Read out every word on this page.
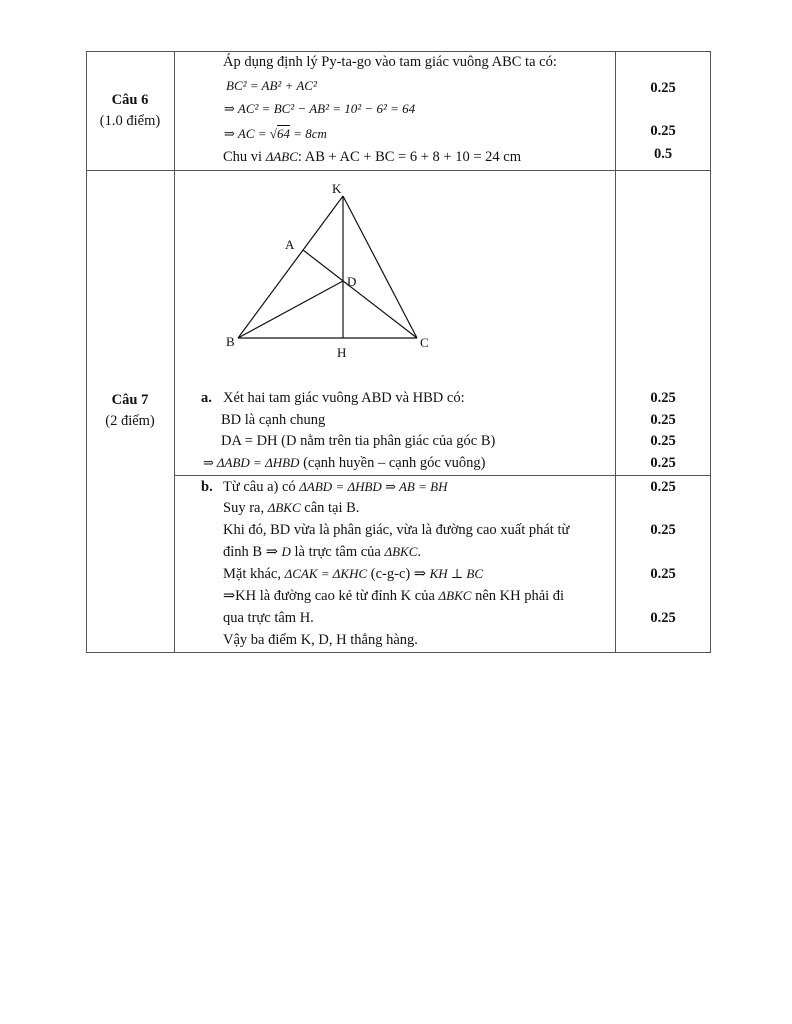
Câu 6
(1.0 điểm)
Áp dụng định lý Py-ta-go vào tam giác vuông ABC ta có:
BC² = AB² + AC²
⇒ AC² = BC² − AB² = 10² − 6² = 64
⇒ AC = √64 = 8cm
Chu vi ΔABC: AB + AC + BC = 6 + 8 + 10 = 24 cm
0.25
0.25
0.5
Câu 7
(2 điểm)
K
A
D
B	C
H
a. Xét hai tam giác vuông ABD và HBD có:
BD là cạnh chung
DA = DH (D nằm trên tia phân giác của góc B)
⇒ ΔABD = ΔHBD (cạnh huyền – cạnh góc vuông)
0.25
0.25
0.25
0.25
b. Từ câu a) có ΔABD = ΔHBD ⇒ AB = BH
Suy ra, ΔBKC cân tại B.
Khi đó, BD vừa là phân giác, vừa là đường cao xuất phát từ
đỉnh B ⇒ D là trực tâm của ΔBKC.
Mặt khác, ΔCAK = ΔKHC (c-g-c) ⇒ KH ⊥ BC
⇒KH là đường cao kẻ từ đỉnh K của ΔBKC nên KH phải đi
qua trực tâm H.
Vậy ba điểm K, D, H thẳng hàng.
0.25
0.25
0.25
0.25
